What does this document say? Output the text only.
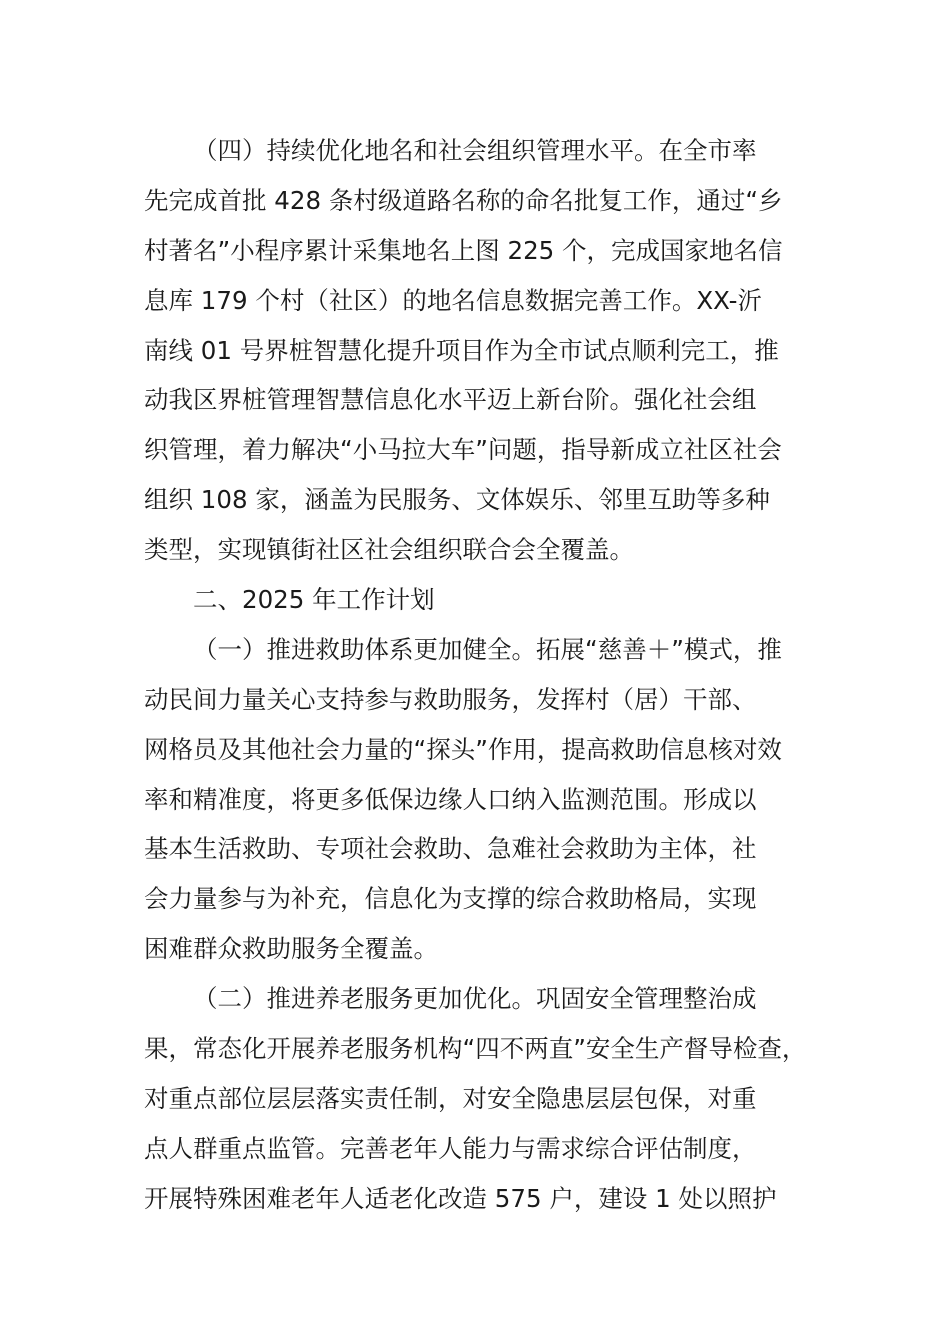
（四）持续优化地名和社会组织管理水平。在全市率
先完成首批 428 条村级道路名称的命名批复工作，通过“乡
村著名”小程序累计采集地名上图 225 个，完成国家地名信
息库 179 个村（社区）的地名信息数据完善工作。XX-沂
南线 01 号界桩智慧化提升项目作为全市试点顺利完工，推
动我区界桩管理智慧信息化水平迈上新台阶。强化社会组
织管理，着力解决“小马拉大车”问题，指导新成立社区社会
组织 108 家，涵盖为民服务、文体娱乐、邻里互助等多种
类型，实现镇街社区社会组织联合会全覆盖。
二、2025 年工作计划
（一）推进救助体系更加健全。拓展“慈善＋”模式，推
动民间力量关心支持参与救助服务，发挥村（居）干部、
网格员及其他社会力量的“探头”作用，提高救助信息核对效
率和精准度，将更多低保边缘人口纳入监测范围。形成以
基本生活救助、专项社会救助、急难社会救助为主体，社
会力量参与为补充，信息化为支撑的综合救助格局，实现
困难群众救助服务全覆盖。
（二）推进养老服务更加优化。巩固安全管理整治成
果，常态化开展养老服务机构“四不两直”安全生产督导检查，
对重点部位层层落实责任制，对安全隐患层层包保，对重
点人群重点监管。完善老年人能力与需求综合评估制度，
开展特殊困难老年人适老化改造 575 户，建设 1 处以照护
